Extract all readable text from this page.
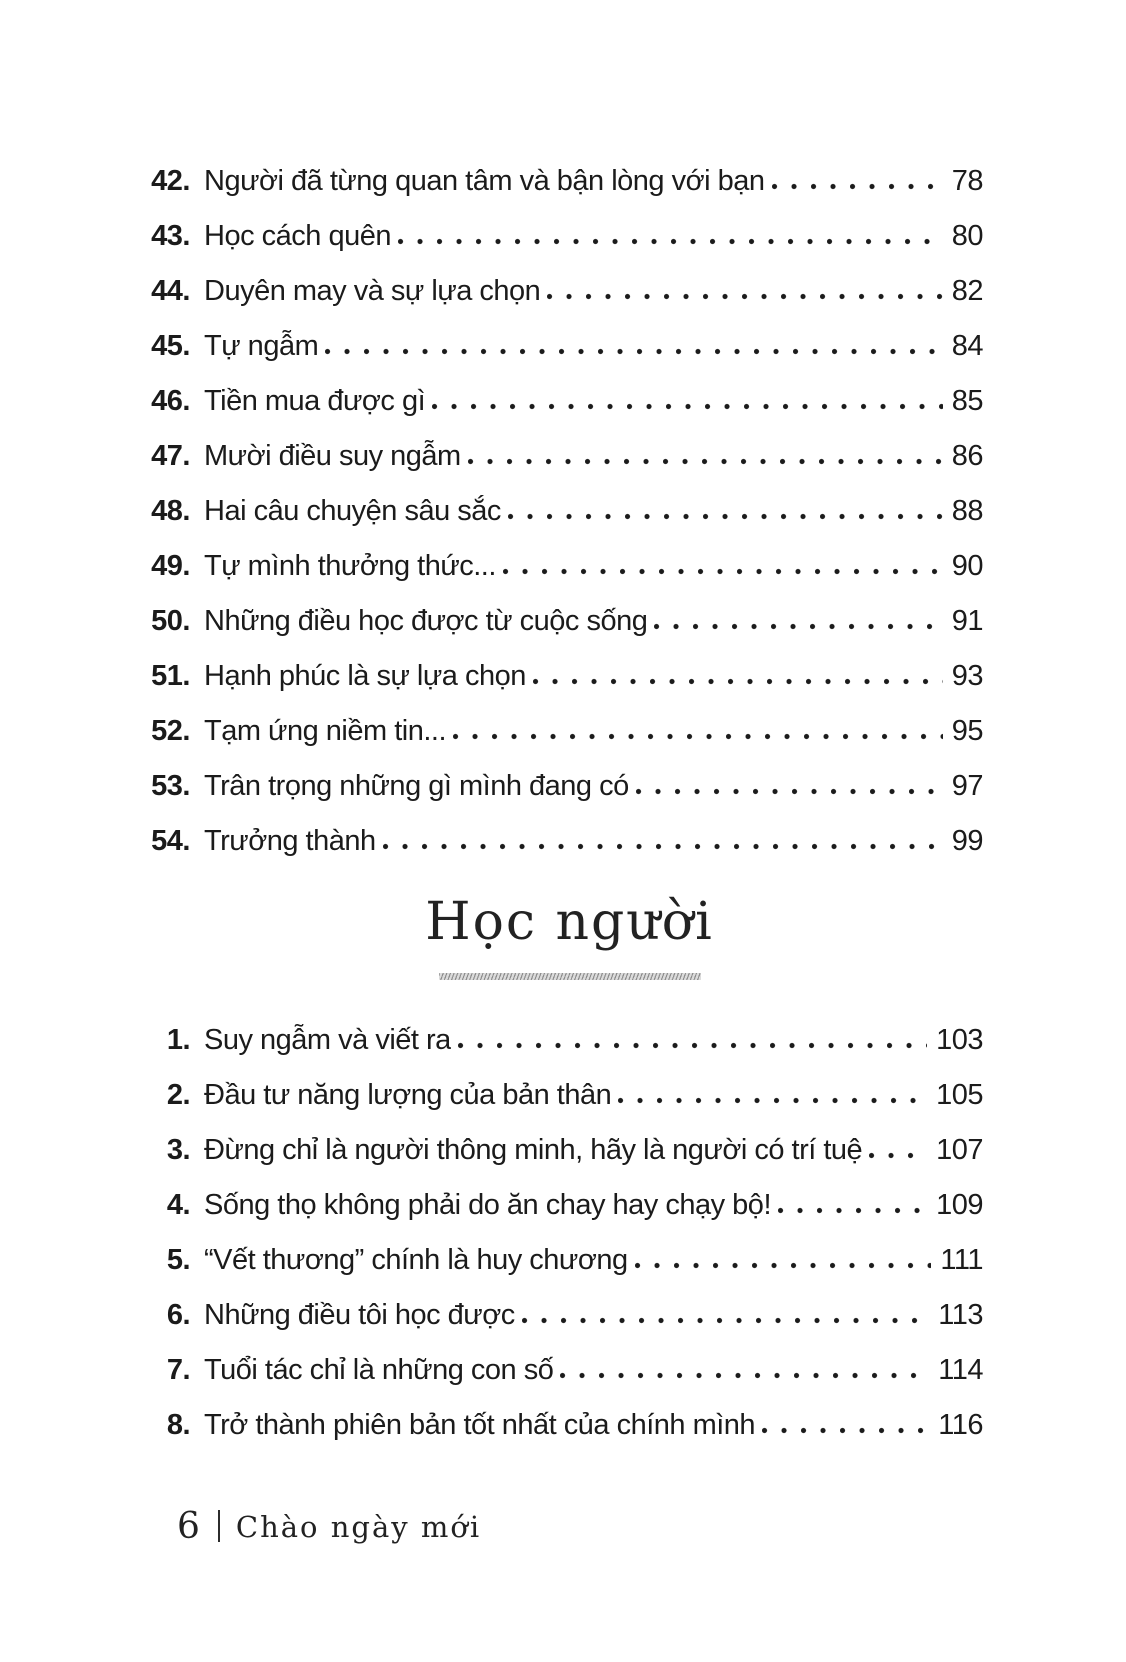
42. Người đã từng quan tâm và bận lòng với bạn	78
43. Học cách quên	80
44. Duyên may và sự lựa chọn	82
45. Tự ngẫm	84
46. Tiền mua được gì	85
47. Mười điều suy ngẫm	86
48. Hai câu chuyện sâu sắc	88
49. Tự mình thưởng thức...	90
50. Những điều học được từ cuộc sống	91
51. Hạnh phúc là sự lựa chọn	93
52. Tạm ứng niềm tin...	95
53. Trân trọng những gì mình đang có	97
54. Trưởng thành	99
Học người
1. Suy ngẫm và viết ra	103
2. Đầu tư năng lượng của bản thân	105
3. Đừng chỉ là người thông minh, hãy là người có trí tuệ	107
4. Sống thọ không phải do ăn chay hay chạy bộ!	109
5. “Vết thương” chính là huy chương	111
6. Những điều tôi học được	113
7. Tuổi tác chỉ là những con số	114
8. Trở thành phiên bản tốt nhất của chính mình	116
6 Chào ngày mới
